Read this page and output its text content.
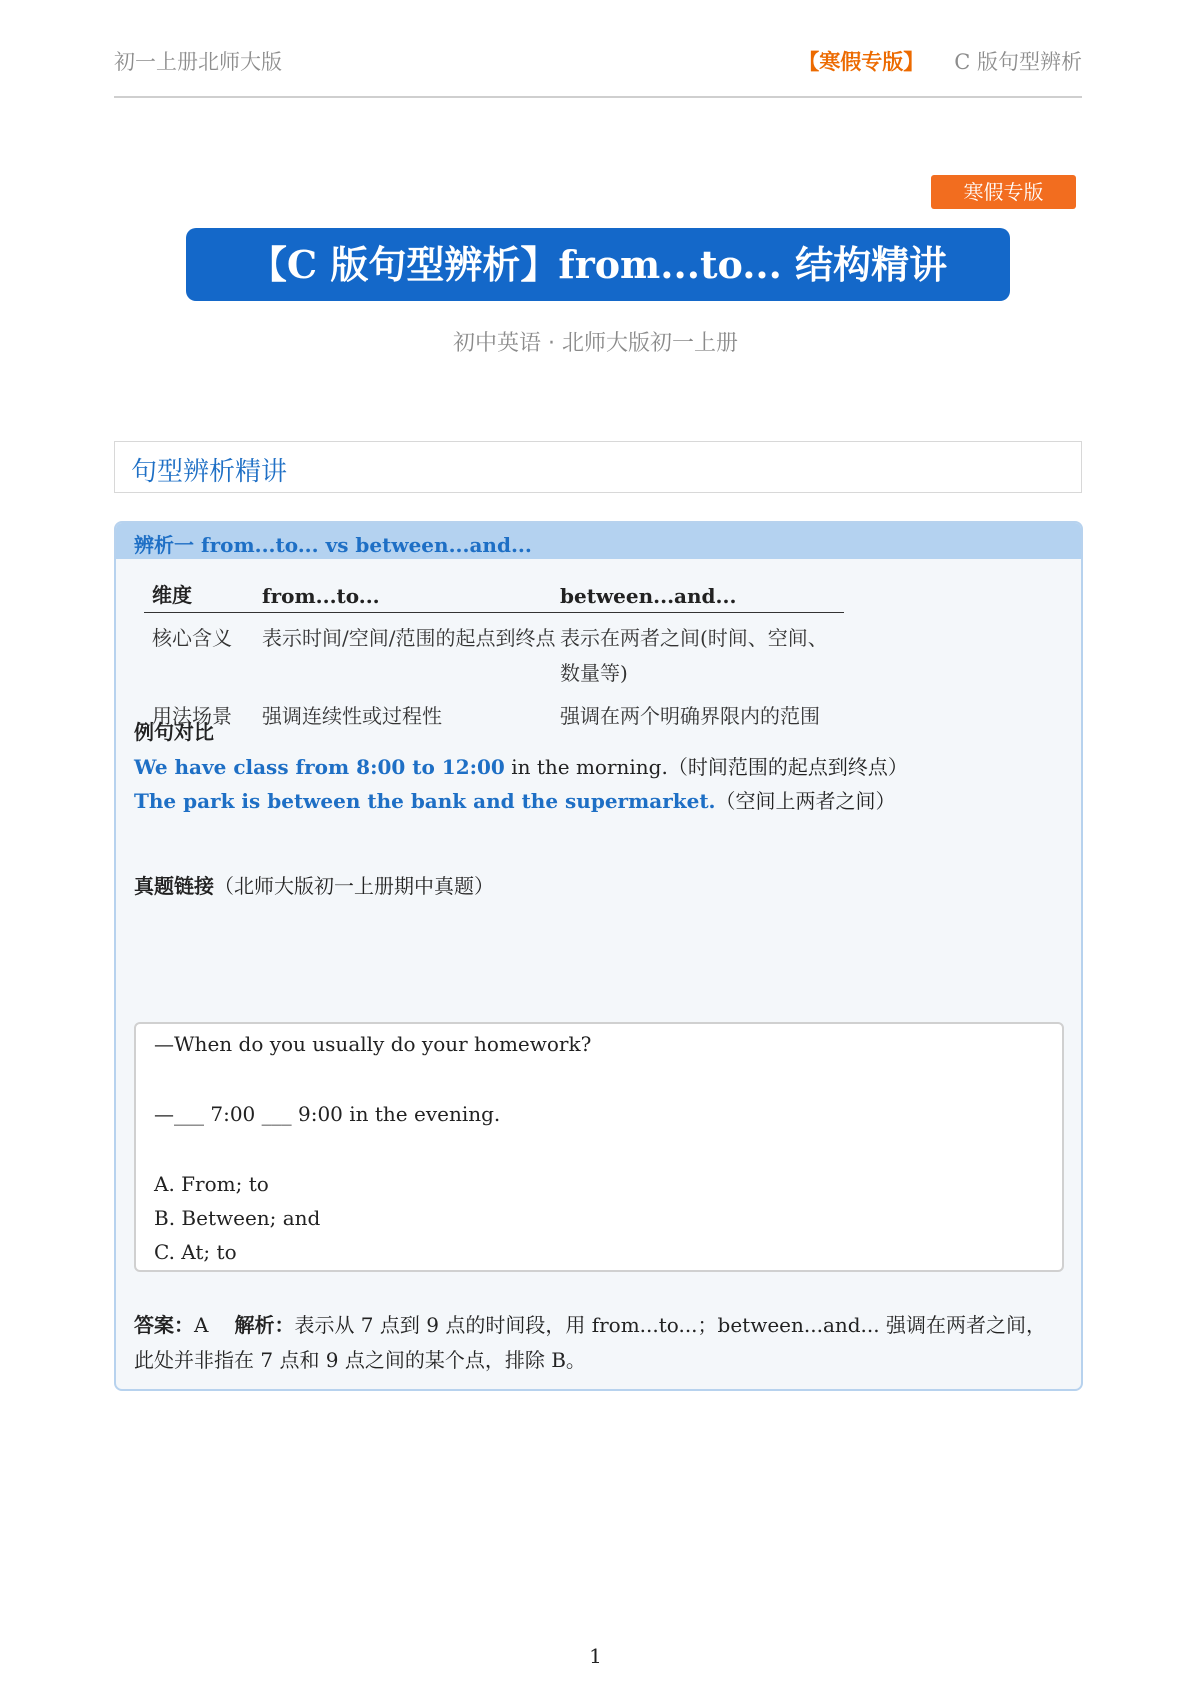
初一上册北师大版	【寒假专版】 C 版句型辨析
寒假专版
【C 版句型辨析】from...to... 结构精讲
初中英语 · 北师大版初一上册
句型辨析精讲
辨析一 from...to... vs between...and...
维度	from...to...	between...and...
核心含义	表示时间/空间/范围的起点到终点	表示在两者之间(时间、空间、数量等)
用法场景	强调连续性或过程性	强调在两个明确界限内的范围
例句对比
We have class from 8:00 to 12:00 in the morning.（时间范围的起点到终点）
The park is between the bank and the supermarket.（空间上两者之间）
真题链接（北师大版初一上册期中真题）
—When do you usually do your homework?
—___ 7:00 ___ 9:00 in the evening.
A. From; to
B. Between; and
C. At; to
答案：A 解析：表示从 7 点到 9 点的时间段，用 from...to...；between...and... 强调在两者之间，此处并非指在 7 点和 9 点之间的某个点，排除 B。
1
